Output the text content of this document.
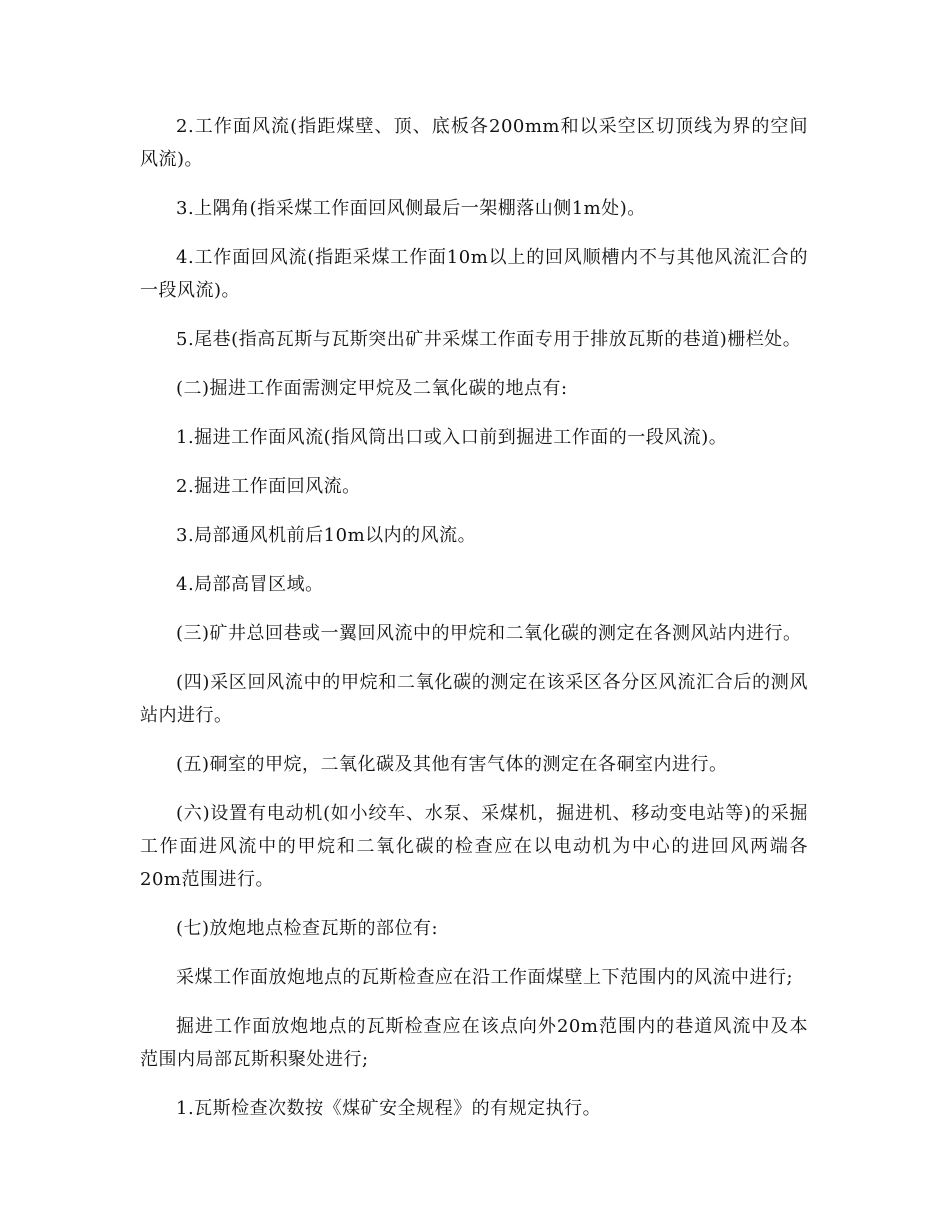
2.工作面风流(指距煤壁、顶、底板各200mm和以采空区切顶线为界的空间风流)。

3.上隅角(指采煤工作面回风侧最后一架棚落山侧1m处)。

4.工作面回风流(指距采煤工作面10m以上的回风顺槽内不与其他风流汇合的一段风流)。

5.尾巷(指高瓦斯与瓦斯突出矿井采煤工作面专用于排放瓦斯的巷道)栅栏处。

(二)掘进工作面需测定甲烷及二氧化碳的地点有:

1.掘进工作面风流(指风筒出口或入口前到掘进工作面的一段风流)。

2.掘进工作面回风流。

3.局部通风机前后10m以内的风流。

4.局部高冒区域。

(三)矿井总回巷或一翼回风流中的甲烷和二氧化碳的测定在各测风站内进行。

(四)采区回风流中的甲烷和二氧化碳的测定在该采区各分区风流汇合后的测风站内进行。

(五)硐室的甲烷，二氧化碳及其他有害气体的测定在各硐室内进行。

(六)设置有电动机(如小绞车、水泵、采煤机，掘进机、移动变电站等)的采掘工作面进风流中的甲烷和二氧化碳的检查应在以电动机为中心的进回风两端各20m范围进行。

(七)放炮地点检查瓦斯的部位有:

采煤工作面放炮地点的瓦斯检查应在沿工作面煤壁上下范围内的风流中进行;

掘进工作面放炮地点的瓦斯检查应在该点向外20m范围内的巷道风流中及本范围内局部瓦斯积聚处进行;

1.瓦斯检查次数按《煤矿安全规程》的有规定执行。
